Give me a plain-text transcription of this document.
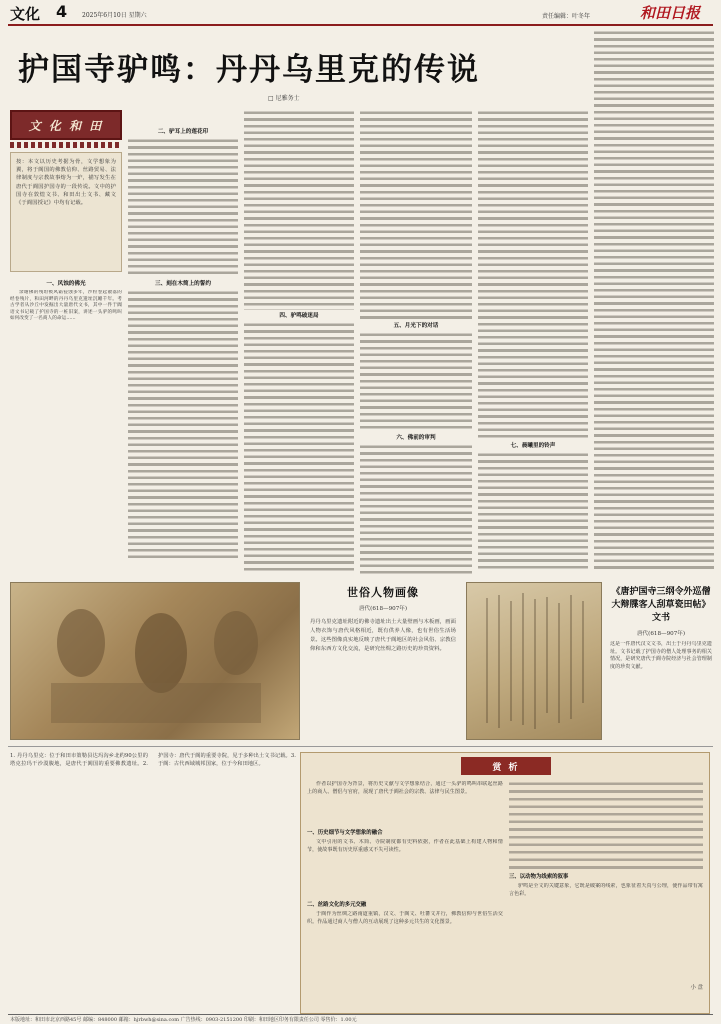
文化 4 2025年6月10日 星期六	责任编辑：叶冬年	和田日报
护国寺驴鸣：丹丹乌里克的传说
□ 尼雅务士
文 化 和 田
按：本文以历史考据为骨，文学想象为翼，将于阗国的佛教信仰、丝路贸易、法律制度与宗教故事熔为一炉，描写发生在唐代于阗国护国寺的一段传说。文中的护国寺在敦煌文书、和田出土文书、藏文《于阗国授记》中均有记载。
一、风蚀的佛光

余谢佛的残垣被风霜侵蚀多年，沙粒卷起散落的经卷残片，和田河畔的丹丹乌里克遗址沉睡千年。考古学者从沙丘中发掘出大量唐代文书，其中一件于阗语文书记载了护国寺的一桩旧案，讲述一头驴的鸣叫如何改变了一名商人的命运……

二、驴耳上的莲花印
三、刻在木简上的誓约
四、驴鸣破迷局
五、月光下的对话
六、佛前的审判
七、晨曦里的铃声
世俗人物画像
唐代(618—907年)
丹丹乌里克遗址附近的佛寺遗址出土大量壁画与木板画，画面人物衣饰与唐代风格相近，既有供养人像，也有世俗生活场景。这些图像真实地反映了唐代于阗地区的社会风俗、宗教信仰和东西方文化交流，是研究丝绸之路历史的珍贵资料。
《唐护国寺三纲令外巡僧大辩牒客人刮草瓷田帖》文书
唐代(618—907年)
这是一件唐代汉文文书，出土于丹丹乌里克遗址。文书记载了护国寺的僧人处理事务的相关情况，是研究唐代于阗寺院经济与社会管理制度的珍贵文献。
1. 丹丹乌里克：位于和田市策勒县达玛沟乡北约90公里的塔克拉玛干沙漠腹地，是唐代于阗国的重要佛教遗址。2. 护国寺：唐代于阗的重要寺院，见于多种出土文书记载。3. 于阗：古代西域城邦国家，位于今和田地区。	赏 析
作者以护国寺为背景，将历史文献与文学想象结合，通过一头驴的鸣叫串联起丝路上的商人、僧侣与官府，展现了唐代于阗社会的宗教、法律与民生图景。
一、历史细节与文学想象的融合
文中引用的文书、木简、寺院制度都有史料依据，作者在此基础上构建人物和情节，使故事既有历史厚重感又不失可读性。
二、丝路文化的多元交融
于阗作为丝绸之路南道重镇，汉文、于阗文、吐蕃文并行，佛教信仰与世俗生活交织。作品通过商人与僧人的互动展现了这种多元共生的文化图景。
三、以动物为线索的叙事
驴鸣是全文的关键意象，它既是破案的线索，也象征着天真与公理，使作品带有寓言色彩。
小 盘
本版地址：和田市北京西路45号 邮编：848000 邮箱：hjrbwh@sina.com 广告热线：0903-2151200 印刷：和田地区印务有限责任公司 零售价：1.00元
